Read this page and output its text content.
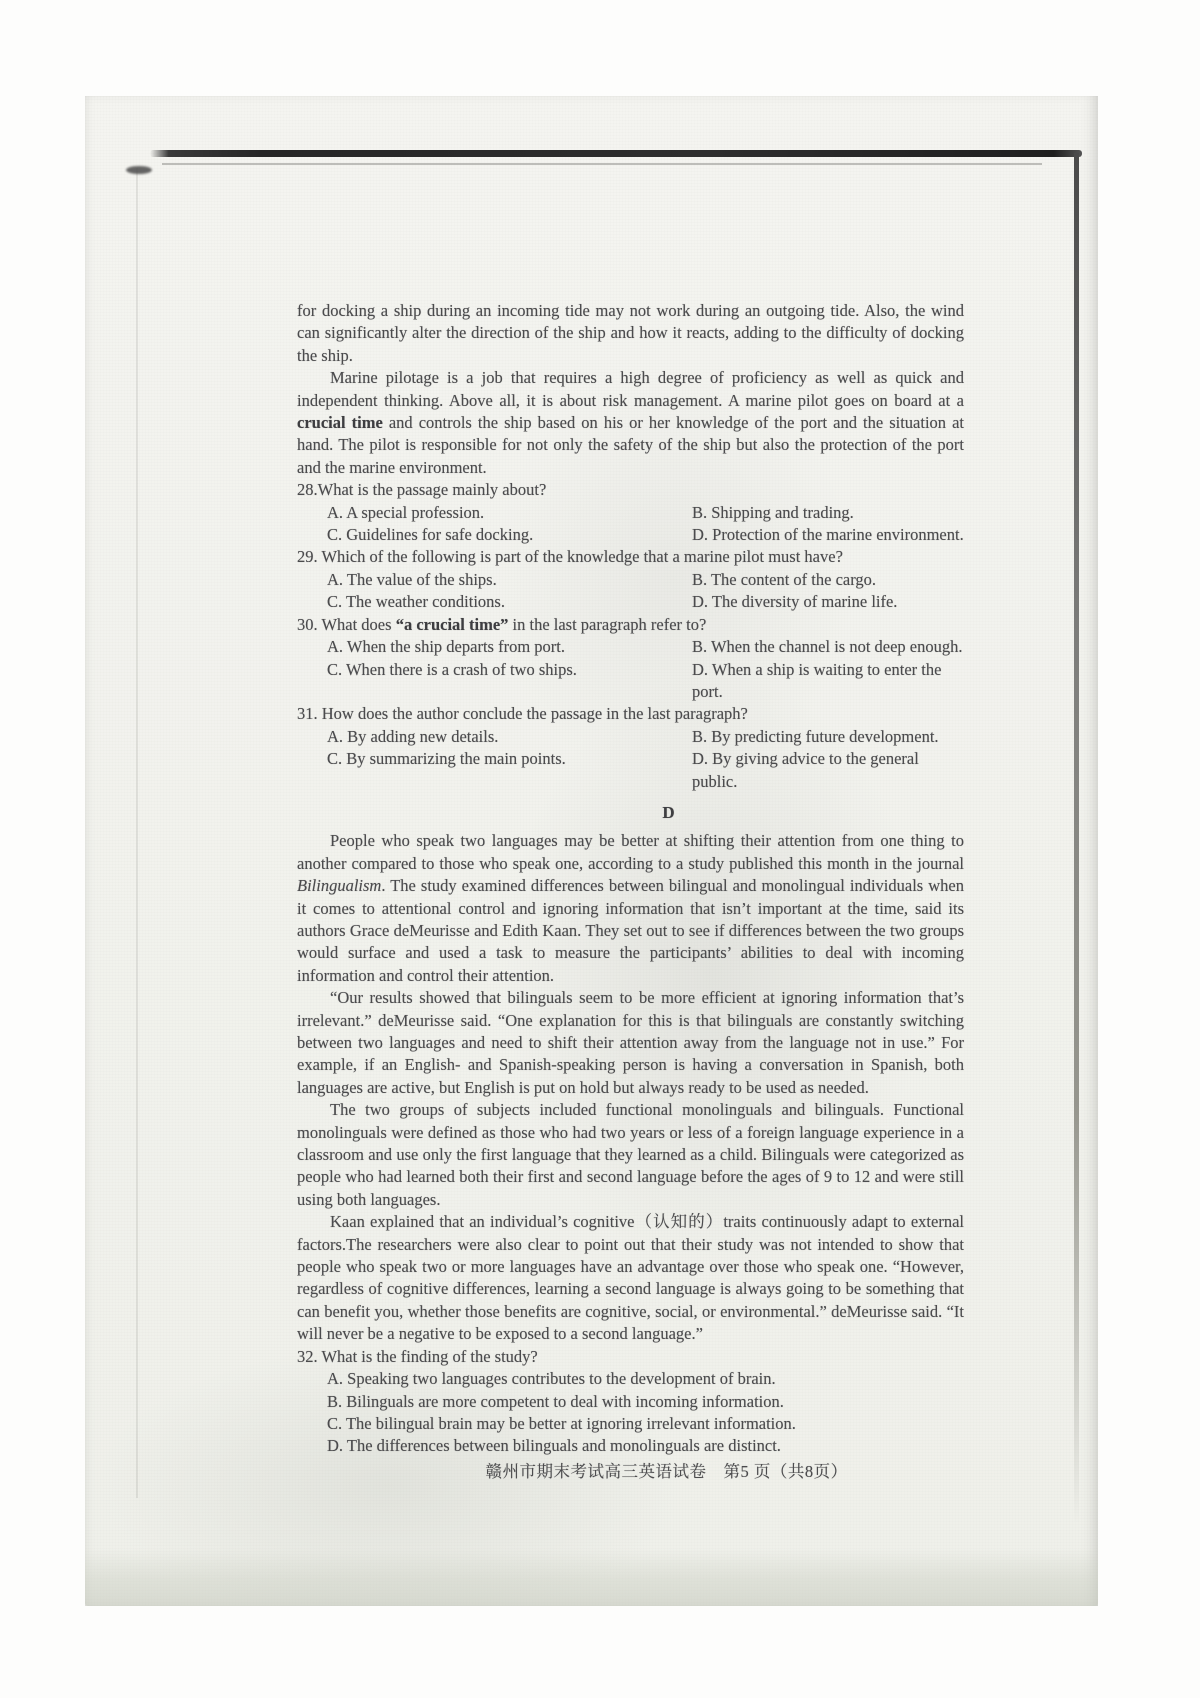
for docking a ship during an incoming tide may not work during an outgoing tide. Also, the wind can significantly alter the direction of the ship and how it reacts, adding to the difficulty of docking the ship.

Marine pilotage is a job that requires a high degree of proficiency as well as quick and independent thinking. Above all, it is about risk management. A marine pilot goes on board at a crucial time and controls the ship based on his or her knowledge of the port and the situation at hand. The pilot is responsible for not only the safety of the ship but also the protection of the port and the marine environment.

28.What is the passage mainly about?

A. A special profession.	B. Shipping and trading.
C. Guidelines for safe docking.	D. Protection of the marine environment.

29. Which of the following is part of the knowledge that a marine pilot must have?

A. The value of the ships.	B. The content of the cargo.
C. The weather conditions.	D. The diversity of marine life.

30. What does “a crucial time” in the last paragraph refer to?

A. When the ship departs from port.	B. When the channel is not deep enough.
C. When there is a crash of two ships.	D. When a ship is waiting to enter the port.

31. How does the author conclude the passage in the last paragraph?

A. By adding new details.	B. By predicting future development.
C. By summarizing the main points.	D. By giving advice to the general public.
D

People who speak two languages may be better at shifting their attention from one thing to another compared to those who speak one, according to a study published this month in the journal Bilingualism. The study examined differences between bilingual and monolingual individuals when it comes to attentional control and ignoring information that isn’t important at the time, said its authors Grace deMeurisse and Edith Kaan. They set out to see if differences between the two groups would surface and used a task to measure the participants’ abilities to deal with incoming information and control their attention.

“Our results showed that bilinguals seem to be more efficient at ignoring information that’s irrelevant.” deMeurisse said. “One explanation for this is that bilinguals are constantly switching between two languages and need to shift their attention away from the language not in use.” For example, if an English- and Spanish-speaking person is having a conversation in Spanish, both languages are active, but English is put on hold but always ready to be used as needed.

The two groups of subjects included functional monolinguals and bilinguals. Functional monolinguals were defined as those who had two years or less of a foreign language experience in a classroom and use only the first language that they learned as a child. Bilinguals were categorized as people who had learned both their first and second language before the ages of 9 to 12 and were still using both languages.

Kaan explained that an individual’s cognitive（认知的）traits continuously adapt to external factors.The researchers were also clear to point out that their study was not intended to show that people who speak two or more languages have an advantage over those who speak one. “However, regardless of cognitive differences, learning a second language is always going to be something that can benefit you, whether those benefits are cognitive, social, or environmental.” deMeurisse said. “It will never be a negative to be exposed to a second language.”

32. What is the finding of the study?

A. Speaking two languages contributes to the development of brain.
B. Bilinguals are more competent to deal with incoming information.
C. The bilingual brain may be better at ignoring irrelevant information.
D. The differences between bilinguals and monolinguals are distinct.
赣州市期末考试高三英语试卷　第5 页（共8页）
